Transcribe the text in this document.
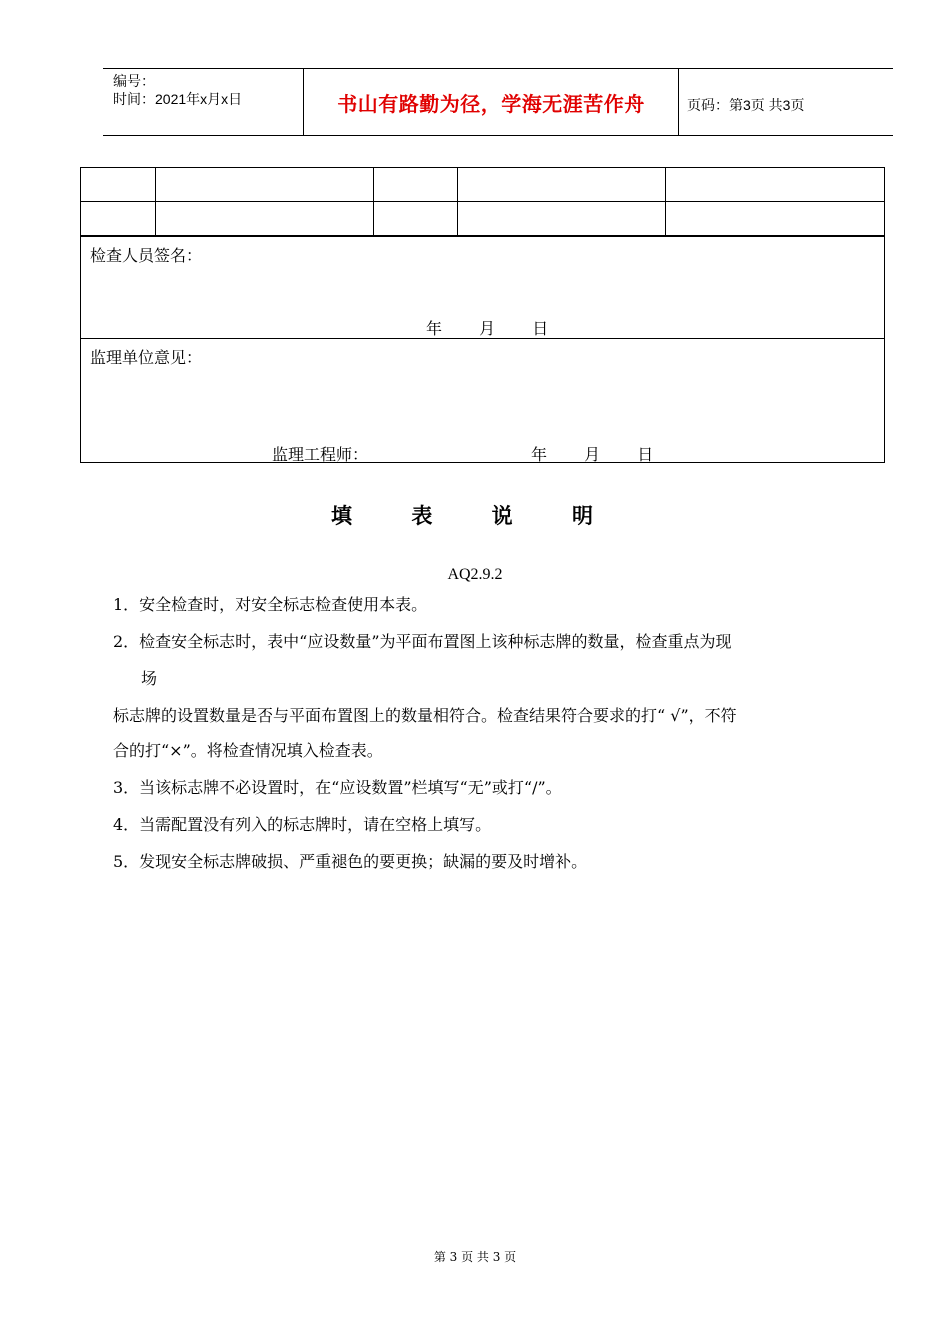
编号：
时间：2021年x月x日	书山有路勤为径，学海无涯苦作舟	页码：第3页 共3页

检查人员签名：
年 月 日
监理单位意见：
监理工程师：	年 月 日
填 表 说 明
AQ2.9.2
1．安全检查时，对安全标志检查使用本表。
2．检查安全标志时，表中“应设数量”为平面布置图上该种标志牌的数量，检查重点为现
场
标志牌的设置数量是否与平面布置图上的数量相符合。检查结果符合要求的打“ √”，不符
合的打“×”。将检查情况填入检查表。
3．当该标志牌不必设置时，在“应设数置”栏填写“无”或打“/”。
4．当需配置没有列入的标志牌时，请在空格上填写。
5．发现安全标志牌破损、严重褪色的要更换；缺漏的要及时增补。
第 3 页 共 3 页
